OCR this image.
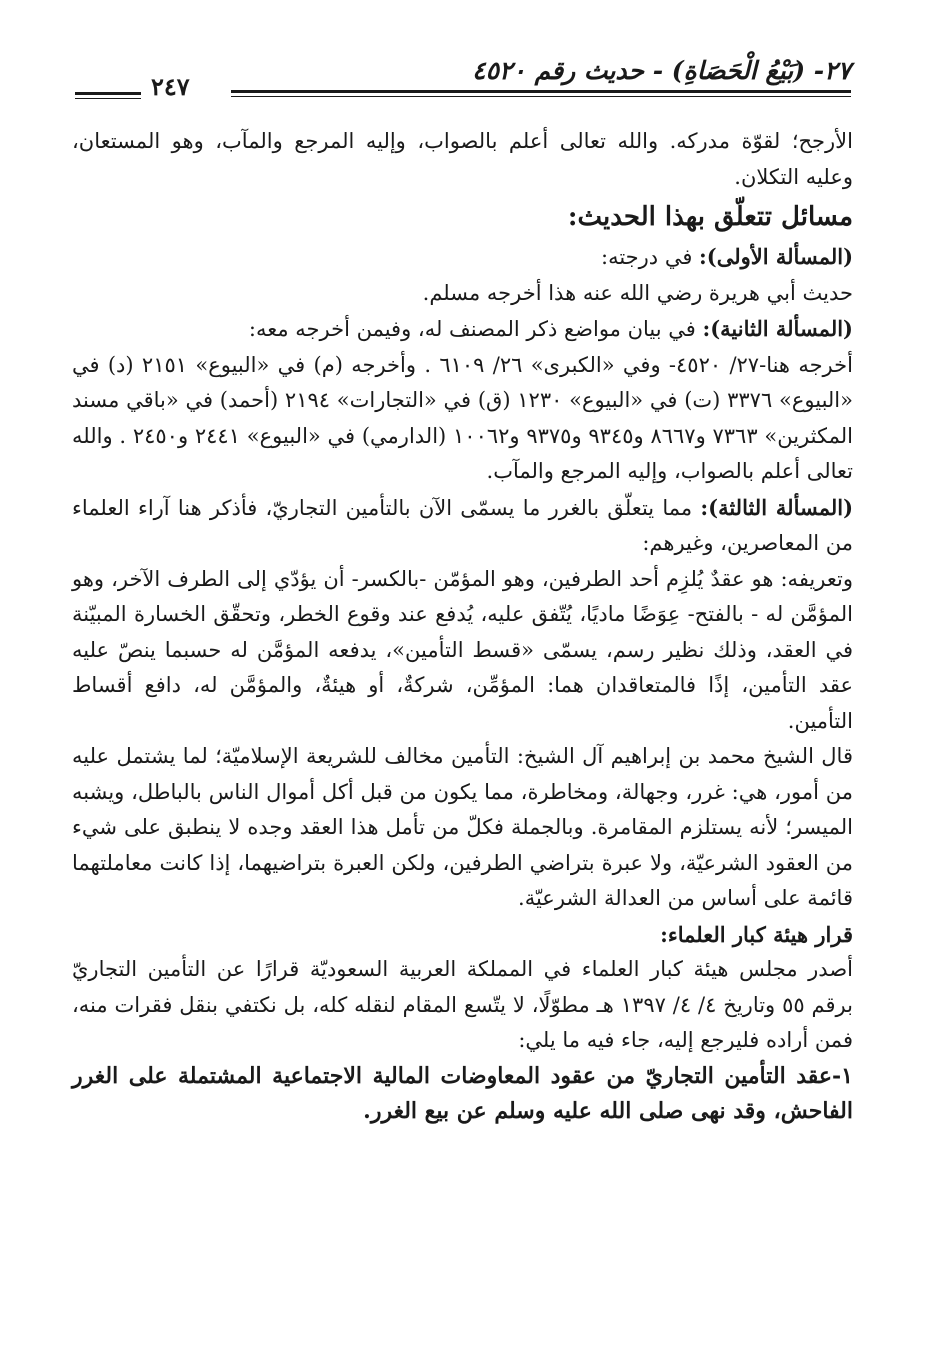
٢٧- (بَيْعُ الْحَصَاةِ) - حديث رقم ٤٥٢٠
٢٤٧

الأرجح؛ لقوّة مدركه. والله تعالى أعلم بالصواب، وإليه المرجع والمآب، وهو المستعان، وعليه التكلان.

مسائل تتعلّق بهذا الحديث:

(المسألة الأولى): في درجته:

حديث أبي هريرة رضي الله عنه هذا أخرجه مسلم.

(المسألة الثانية): في بيان مواضع ذكر المصنف له، وفيمن أخرجه معه:

أخرجه هنا-٢٧/ ٤٥٢٠- وفي «الكبرى» ٢٦/ ٦١٠٩ . وأخرجه (م) في «البيوع» ٢١٥١ (د) في «البيوع» ٣٣٧٦ (ت) في «البيوع» ١٢٣٠ (ق) في «التجارات» ٢١٩٤ (أحمد) في «باقي مسند المكثرين» ٧٣٦٣ و٨٦٦٧ و٩٣٤٥ و٩٣٧٥ و١٠٠٦٢ (الدارمي) في «البيوع» ٢٤٤١ و٢٤٥٠ . والله تعالى أعلم بالصواب، وإليه المرجع والمآب.

(المسألة الثالثة): مما يتعلّق بالغرر ما يسمّى الآن بالتأمين التجاريّ، فأذكر هنا آراء العلماء من المعاصرين، وغيرهم:

وتعريفه: هو عقدٌ يُلزِم أحد الطرفين، وهو المؤمّن -بالكسر- أن يؤدّي إلى الطرف الآخر، وهو المؤمَّن له - بالفتح- عِوَضًا ماديًا، يُتّفق عليه، يُدفع عند وقوع الخطر، وتحقّق الخسارة المبيّنة في العقد، وذلك نظير رسم، يسمّى «قسط التأمين»، يدفعه المؤمَّن له حسبما ينصّ عليه عقد التأمين، إذًا فالمتعاقدان هما: المؤمِّن، شركةٌ، أو هيئةٌ، والمؤمَّن له، دافع أقساط التأمين.

قال الشيخ محمد بن إبراهيم آل الشيخ: التأمين مخالف للشريعة الإسلاميّة؛ لما يشتمل عليه من أمور، هي: غرر، وجهالة، ومخاطرة، مما يكون من قبل أكل أموال الناس بالباطل، ويشبه الميسر؛ لأنه يستلزم المقامرة. وبالجملة فكلّ من تأمل هذا العقد وجده لا ينطبق على شيء من العقود الشرعيّة، ولا عبرة بتراضي الطرفين، ولكن العبرة بتراضيهما، إذا كانت معاملتهما قائمة على أساس من العدالة الشرعيّة.

قرار هيئة كبار العلماء:

أصدر مجلس هيئة كبار العلماء في المملكة العربية السعوديّة قرارًا عن التأمين التجاريّ برقم ٥٥ وتاريخ ٤/ ٤/ ١٣٩٧ هـ مطوّلًا، لا يتّسع المقام لنقله كله، بل نكتفي بنقل فقرات منه، فمن أراده فليرجع إليه، جاء فيه ما يلي:

١-عقد التأمين التجاريّ من عقود المعاوضات المالية الاجتماعية المشتملة على الغرر الفاحش، وقد نهى صلى الله عليه وسلم عن بيع الغرر.
